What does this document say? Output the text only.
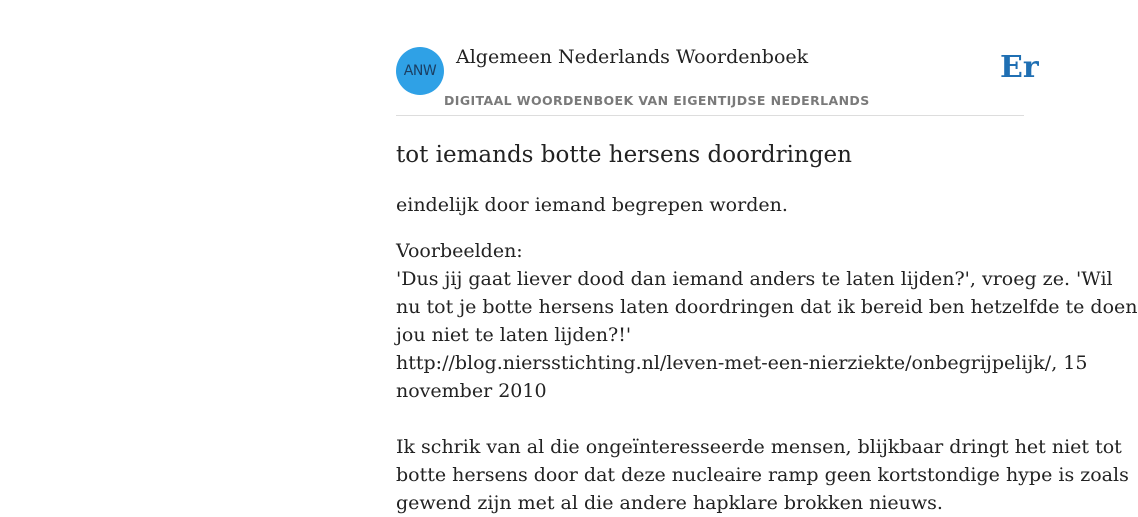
ANW
Algemeen Nederlands Woordenboek
DIGITAAL WOORDENBOEK VAN EIGENTIJDSE NEDERLANDS
Er
tot iemands botte hersens doordringen

eindelijk door iemand begrepen worden.

Voorbeelden:
'Dus jij gaat liever dood dan iemand anders te laten lijden?', vroeg ze. 'Wil
nu tot je botte hersens laten doordringen dat ik bereid ben hetzelfde te doen
jou niet te laten lijden?!'
http://blog.niersstichting.nl/leven-met-een-nierziekte/onbegrijpelijk/, 15
november 2010
Ik schrik van al die ongeïnteresseerde mensen, blijkbaar dringt het niet tot
botte hersens door dat deze nucleaire ramp geen kortstondige hype is zoals
gewend zijn met al die andere hapklare brokken nieuws.
